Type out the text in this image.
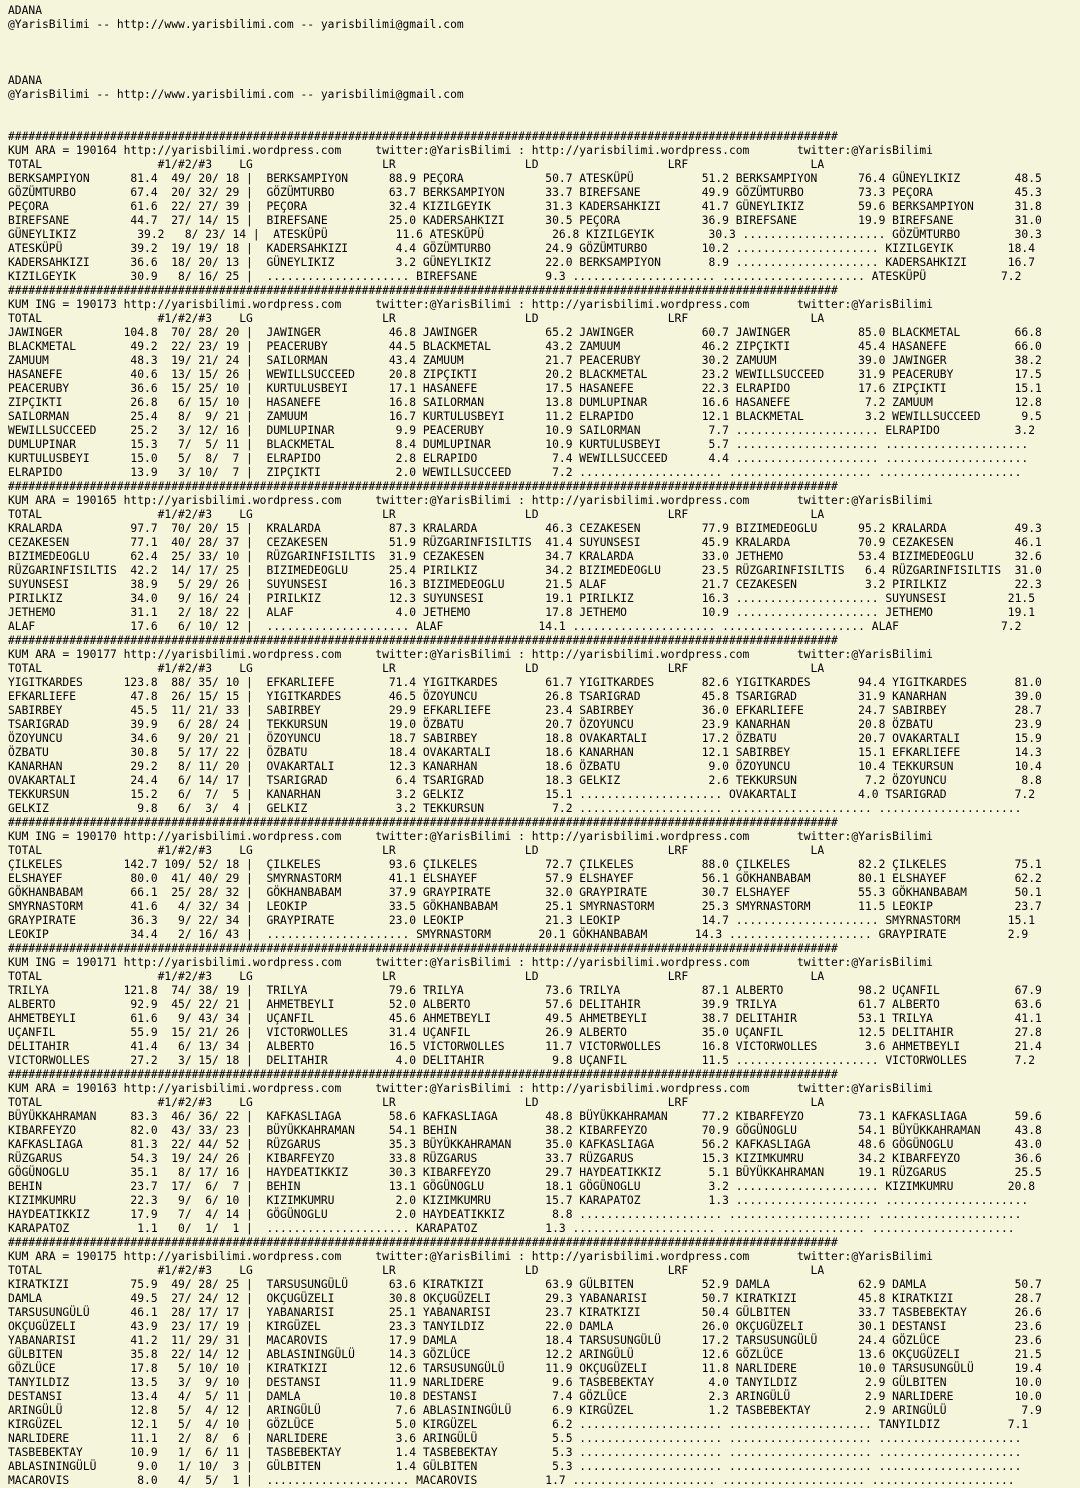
ADANA
@YarisBilimi -- http://www.yarisbilimi.com -- yarisbilimi@gmail.com

ADANA
@YarisBilimi -- http://www.yarisbilimi.com -- yarisbilimi@gmail.com

##########################################################################################################################
KUM ARA = 190164 http://yarisbilimi.wordpress.com     twitter:@YarisBilimi : http://yarisbilimi.wordpress.com       twitter:@YarisBilimi
TOTAL                 #1/#2/#3    LG                   LR                   LD                   LRF                  LA
BERKSAMPIYON      81.4  49/ 20/ 18 |  BERKSAMPIYON      88.9 PEÇORA            50.7 ATESKÜPÜ          51.2 BERKSAMPIYON      76.4 GÜNEYLIKIZ        48.5
GÖZÜMTURBO        67.4  20/ 32/ 29 |  GÖZÜMTURBO        63.7 BERKSAMPIYON      33.7 BIREFSANE         49.9 GÖZÜMTURBO        73.3 PEÇORA            45.3
PEÇORA            61.6  22/ 27/ 39 |  PEÇORA            32.4 KIZILGEYIK        31.3 KADERSAHKIZI      41.7 GÜNEYLIKIZ        59.6 BERKSAMPIYON      31.8
BIREFSANE         44.7  27/ 14/ 15 |  BIREFSANE         25.0 KADERSAHKIZI      30.5 PEÇORA            36.9 BIREFSANE         19.9 BIREFSANE         31.0
GÜNEYLIKIZ         39.2   8/ 23/ 14 |  ATESKÜPÜ          11.6 ATESKÜPÜ          26.8 KIZILGEYIK        30.3 ..................... GÖZÜMTURBO        30.3
ATESKÜPÜ          39.2  19/ 19/ 18 |  KADERSAHKIZI       4.4 GÖZÜMTURBO        24.9 GÖZÜMTURBO        10.2 ..................... KIZILGEYIK        18.4
KADERSAHKIZI      36.6  18/ 20/ 13 |  GÜNEYLIKIZ         3.2 GÜNEYLIKIZ        22.0 BERKSAMPIYON       8.9 ..................... KADERSAHKIZI      16.7
KIZILGEYIK        30.9   8/ 16/ 25 |  ..................... BIREFSANE          9.3 ..................... ..................... ATESKÜPÜ           7.2
##########################################################################################################################
KUM ING = 190173 http://yarisbilimi.wordpress.com     twitter:@YarisBilimi : http://yarisbilimi.wordpress.com       twitter:@YarisBilimi
TOTAL                 #1/#2/#3    LG                   LR                   LD                   LRF                  LA
JAWINGER         104.8  70/ 28/ 20 |  JAWINGER          46.8 JAWINGER          65.2 JAWINGER          60.7 JAWINGER          85.0 BLACKMETAL        66.8
BLACKMETAL        49.2  22/ 23/ 19 |  PEACERUBY         44.5 BLACKMETAL        43.2 ZAMUUM            46.2 ZIPÇIKTI          45.4 HASANEFE          66.0
ZAMUUM            48.3  19/ 21/ 24 |  SAILORMAN         43.4 ZAMUUM            21.7 PEACERUBY         30.2 ZAMUUM            39.0 JAWINGER          38.2
HASANEFE          40.6  13/ 15/ 26 |  WEWILLSUCCEED     20.8 ZIPÇIKTI          20.2 BLACKMETAL        23.2 WEWILLSUCCEED     31.9 PEACERUBY         17.5
PEACERUBY         36.6  15/ 25/ 10 |  KURTULUSBEYI      17.1 HASANEFE          17.5 HASANEFE          22.3 ELRAPIDO          17.6 ZIPÇIKTI          15.1
ZIPÇIKTI          26.8   6/ 15/ 10 |  HASANEFE          16.8 SAILORMAN         13.8 DUMLUPINAR        16.6 HASANEFE           7.2 ZAMUUM            12.8
SAILORMAN         25.4   8/  9/ 21 |  ZAMUUM            16.7 KURTULUSBEYI      11.2 ELRAPIDO          12.1 BLACKMETAL         3.2 WEWILLSUCCEED      9.5
WEWILLSUCCEED     25.2   3/ 12/ 16 |  DUMLUPINAR         9.9 PEACERUBY         10.9 SAILORMAN          7.7 ..................... ELRAPIDO           3.2
DUMLUPINAR        15.3   7/  5/ 11 |  BLACKMETAL         8.4 DUMLUPINAR        10.9 KURTULUSBEYI       5.7 ..................... .....................
KURTULUSBEYI      15.0   5/  8/  7 |  ELRAPIDO           2.8 ELRAPIDO           7.4 WEWILLSUCCEED      4.4 ..................... .....................
ELRAPIDO          13.9   3/ 10/  7 |  ZIPÇIKTI           2.0 WEWILLSUCCEED      7.2 ..................... ..................... .....................
##########################################################################################################################
KUM ARA = 190165 http://yarisbilimi.wordpress.com     twitter:@YarisBilimi : http://yarisbilimi.wordpress.com       twitter:@YarisBilimi
TOTAL                 #1/#2/#3    LG                   LR                   LD                   LRF                  LA
KRALARDA          97.7  70/ 20/ 15 |  KRALARDA          87.3 KRALARDA          46.3 CEZAKESEN         77.9 BIZIMEDEOGLU      95.2 KRALARDA          49.3
CEZAKESEN         77.1  40/ 28/ 37 |  CEZAKESEN         51.9 RÜZGARINFISILTIS  41.4 SUYUNSESI         45.9 KRALARDA          70.9 CEZAKESEN         46.1
BIZIMEDEOGLU      62.4  25/ 33/ 10 |  RÜZGARINFISILTIS  31.9 CEZAKESEN         34.7 KRALARDA          33.0 JETHEMO           53.4 BIZIMEDEOGLU      32.6
RÜZGARINFISILTIS  42.2  14/ 17/ 25 |  BIZIMEDEOGLU      25.4 PIRILKIZ          34.2 BIZIMEDEOGLU      23.5 RÜZGARINFISILTIS   6.4 RÜZGARINFISILTIS  31.0
SUYUNSESI         38.9   5/ 29/ 26 |  SUYUNSESI         16.3 BIZIMEDEOGLU      21.5 ALAF              21.7 CEZAKESEN          3.2 PIRILKIZ          22.3
PIRILKIZ          34.0   9/ 16/ 24 |  PIRILKIZ          12.3 SUYUNSESI         19.1 PIRILKIZ          16.3 ..................... SUYUNSESI         21.5
JETHEMO           31.1   2/ 18/ 22 |  ALAF               4.0 JETHEMO           17.8 JETHEMO           10.9 ..................... JETHEMO           19.1
ALAF              17.6   6/ 10/ 12 |  ..................... ALAF              14.1 ..................... ..................... ALAF               7.2
##########################################################################################################################
KUM ARA = 190177 http://yarisbilimi.wordpress.com     twitter:@YarisBilimi : http://yarisbilimi.wordpress.com       twitter:@YarisBilimi
TOTAL                 #1/#2/#3    LG                   LR                   LD                   LRF                  LA
YIGITKARDES      123.8  88/ 35/ 10 |  EFKARLIEFE        71.4 YIGITKARDES       61.7 YIGITKARDES       82.6 YIGITKARDES       94.4 YIGITKARDES       81.0
EFKARLIEFE        47.8  26/ 15/ 15 |  YIGITKARDES       46.5 ÖZOYUNCU          26.8 TSARIGRAD         45.8 TSARIGRAD         31.9 KANARHAN          39.0
SABIRBEY          45.5  11/ 21/ 33 |  SABIRBEY          29.9 EFKARLIEFE        23.4 SABIRBEY          36.0 EFKARLIEFE        24.7 SABIRBEY          28.7
TSARIGRAD         39.9   6/ 28/ 24 |  TEKKURSUN         19.0 ÖZBATU            20.7 ÖZOYUNCU          23.9 KANARHAN          20.8 ÖZBATU            23.9
ÖZOYUNCU          34.6   9/ 20/ 21 |  ÖZOYUNCU          18.7 SABIRBEY          18.8 OVAKARTALI        17.2 ÖZBATU            20.7 OVAKARTALI        15.9
ÖZBATU            30.8   5/ 17/ 22 |  ÖZBATU            18.4 OVAKARTALI        18.6 KANARHAN          12.1 SABIRBEY          15.1 EFKARLIEFE        14.3
KANARHAN          29.2   8/ 11/ 20 |  OVAKARTALI        12.3 KANARHAN          18.6 ÖZBATU             9.0 ÖZOYUNCU          10.4 TEKKURSUN         10.4
OVAKARTALI        24.4   6/ 14/ 17 |  TSARIGRAD          6.4 TSARIGRAD         18.3 GELKIZ             2.6 TEKKURSUN          7.2 ÖZOYUNCU           8.8
TEKKURSUN         15.2   6/  7/  5 |  KANARHAN           3.2 GELKIZ            15.1 ..................... OVAKARTALI         4.0 TSARIGRAD          7.2
GELKIZ             9.8   6/  3/  4 |  GELKIZ             3.2 TEKKURSUN          7.2 ..................... ..................... .....................
##########################################################################################################################
KUM ING = 190170 http://yarisbilimi.wordpress.com     twitter:@YarisBilimi : http://yarisbilimi.wordpress.com       twitter:@YarisBilimi
TOTAL                 #1/#2/#3    LG                   LR                   LD                   LRF                  LA
ÇILKELES         142.7 109/ 52/ 18 |  ÇILKELES          93.6 ÇILKELES          72.7 ÇILKELES          88.0 ÇILKELES          82.2 ÇILKELES          75.1
ELSHAYEF          80.0  41/ 40/ 29 |  SMYRNASTORM       41.1 ELSHAYEF          57.9 ELSHAYEF          56.1 GÖKHANBABAM       80.1 ELSHAYEF          62.2
GÖKHANBABAM       66.1  25/ 28/ 32 |  GÖKHANBABAM       37.9 GRAYPIRATE        32.0 GRAYPIRATE        30.7 ELSHAYEF          55.3 GÖKHANBABAM       50.1
SMYRNASTORM       41.6   4/ 32/ 34 |  LEOKIP            33.5 GÖKHANBABAM       25.1 SMYRNASTORM       25.3 SMYRNASTORM       11.5 LEOKIP            23.7
GRAYPIRATE        36.3   9/ 22/ 34 |  GRAYPIRATE        23.0 LEOKIP            21.3 LEOKIP            14.7 ..................... SMYRNASTORM       15.1
LEOKIP            34.4   2/ 16/ 43 |  ..................... SMYRNASTORM       20.1 GÖKHANBABAM       14.3 ..................... GRAYPIRATE         2.9
##########################################################################################################################
KUM ING = 190171 http://yarisbilimi.wordpress.com     twitter:@YarisBilimi : http://yarisbilimi.wordpress.com       twitter:@YarisBilimi
TOTAL                 #1/#2/#3    LG                   LR                   LD                   LRF                  LA
TRILYA           121.8  74/ 38/ 19 |  TRILYA            79.6 TRILYA            73.6 TRILYA            87.1 ALBERTO           98.2 UÇANFIL           67.9
ALBERTO           92.9  45/ 22/ 21 |  AHMETBEYLI        52.0 ALBERTO           57.6 DELITAHIR         39.9 TRILYA            61.7 ALBERTO           63.6
AHMETBEYLI        61.6   9/ 43/ 34 |  UÇANFIL           45.6 AHMETBEYLI        49.5 AHMETBEYLI        38.7 DELITAHIR         53.1 TRILYA            41.1
UÇANFIL           55.9  15/ 21/ 26 |  VICTORWOLLES      31.4 UÇANFIL           26.9 ALBERTO           35.0 UÇANFIL           12.5 DELITAHIR         27.8
DELITAHIR         41.4   6/ 13/ 34 |  ALBERTO           16.5 VICTORWOLLES      11.7 VICTORWOLLES      16.8 VICTORWOLLES       3.6 AHMETBEYLI        21.4
VICTORWOLLES      27.2   3/ 15/ 18 |  DELITAHIR          4.0 DELITAHIR          9.8 UÇANFIL           11.5 ..................... VICTORWOLLES       7.2
##########################################################################################################################
KUM ARA = 190163 http://yarisbilimi.wordpress.com     twitter:@YarisBilimi : http://yarisbilimi.wordpress.com       twitter:@YarisBilimi
TOTAL                 #1/#2/#3    LG                   LR                   LD                   LRF                  LA
BÜYÜKKAHRAMAN     83.3  46/ 36/ 22 |  KAFKASLIAGA       58.6 KAFKASLIAGA       48.8 BÜYÜKKAHRAMAN     77.2 KIBARFEYZO        73.1 KAFKASLIAGA       59.6
KIBARFEYZO        82.0  43/ 33/ 23 |  BÜYÜKKAHRAMAN     54.1 BEHIN             38.2 KIBARFEYZO        70.9 GÖGÜNOGLU         54.1 BÜYÜKKAHRAMAN     43.8
KAFKASLIAGA       81.3  22/ 44/ 52 |  RÜZGARUS          35.3 BÜYÜKKAHRAMAN     35.0 KAFKASLIAGA       56.2 KAFKASLIAGA       48.6 GÖGÜNOGLU         43.0
RÜZGARUS          54.3  19/ 24/ 26 |  KIBARFEYZO        33.8 RÜZGARUS          33.7 RÜZGARUS          15.3 KIZIMKUMRU        34.2 KIBARFEYZO        36.6
GÖGÜNOGLU         35.1   8/ 17/ 16 |  HAYDEATIKKIZ      30.3 KIBARFEYZO        29.7 HAYDEATIKKIZ       5.1 BÜYÜKKAHRAMAN     19.1 RÜZGARUS          25.5
BEHIN             23.7  17/  6/  7 |  BEHIN             13.1 GÖGÜNOGLU         18.1 GÖGÜNOGLU          3.2 ..................... KIZIMKUMRU        20.8
KIZIMKUMRU        22.3   9/  6/ 10 |  KIZIMKUMRU         2.0 KIZIMKUMRU        15.7 KARAPATOZ          1.3 ..................... .....................
HAYDEATIKKIZ      17.9   7/  4/ 14 |  GÖGÜNOGLU          2.0 HAYDEATIKKIZ       8.8 ..................... ..................... .....................
KARAPATOZ          1.1   0/  1/  1 |  ..................... KARAPATOZ          1.3 ..................... ..................... .....................
##########################################################################################################################
KUM ARA = 190175 http://yarisbilimi.wordpress.com     twitter:@YarisBilimi : http://yarisbilimi.wordpress.com       twitter:@YarisBilimi
TOTAL                 #1/#2/#3    LG                   LR                   LD                   LRF                  LA
KIRATKIZI         75.9  49/ 28/ 25 |  TARSUSUNGÜLÜ      63.6 KIRATKIZI         63.9 GÜLBITEN          52.9 DAMLA             62.9 DAMLA             50.7
DAMLA             49.5  27/ 24/ 12 |  OKÇUGÜZELI        30.8 OKÇUGÜZELI        29.3 YABANARISI        50.7 KIRATKIZI         45.8 KIRATKIZI         28.7
TARSUSUNGÜLÜ      46.1  28/ 17/ 17 |  YABANARISI        25.1 YABANARISI        23.7 KIRATKIZI         50.4 GÜLBITEN          33.7 TASBEBEKTAY       26.6
OKÇUGÜZELI        43.9  23/ 17/ 19 |  KIRGÜZEL          23.3 TANYILDIZ         22.0 DAMLA             26.0 OKÇUGÜZELI        30.1 DESTANSI          23.6
YABANARISI        41.2  11/ 29/ 31 |  MACAROVIS         17.9 DAMLA             18.4 TARSUSUNGÜLÜ      17.2 TARSUSUNGÜLÜ      24.4 GÖZLÜCE           23.6
GÜLBITEN          35.8  22/ 14/ 12 |  ABLASININGÜLÜ     14.3 GÖZLÜCE           12.2 ARINGÜLÜ          12.6 GÖZLÜCE           13.6 OKÇUGÜZELI        21.5
GÖZLÜCE           17.8   5/ 10/ 10 |  KIRATKIZI         12.6 TARSUSUNGÜLÜ      11.9 OKÇUGÜZELI        11.8 NARLIDERE         10.0 TARSUSUNGÜLÜ      19.4
TANYILDIZ         13.5   3/  9/ 10 |  DESTANSI          11.9 NARLIDERE          9.6 TASBEBEKTAY        4.0 TANYILDIZ          2.9 GÜLBITEN          10.0
DESTANSI          13.4   4/  5/ 11 |  DAMLA             10.8 DESTANSI           7.4 GÖZLÜCE            2.3 ARINGÜLÜ           2.9 NARLIDERE         10.0
ARINGÜLÜ          12.8   5/  4/ 12 |  ARINGÜLÜ           7.6 ABLASININGÜLÜ      6.9 KIRGÜZEL           1.2 TASBEBEKTAY        2.9 ARINGÜLÜ           7.9
KIRGÜZEL          12.1   5/  4/ 10 |  GÖZLÜCE            5.0 KIRGÜZEL           6.2 ..................... ..................... TANYILDIZ          7.1
NARLIDERE         11.1   2/  8/  6 |  NARLIDERE          3.6 ARINGÜLÜ           5.5 ..................... ..................... .....................
TASBEBEKTAY       10.9   1/  6/ 11 |  TASBEBEKTAY        1.4 TASBEBEKTAY        5.3 ..................... ..................... .....................
ABLASININGÜLÜ      9.0   1/ 10/  3 |  GÜLBITEN           1.4 GÜLBITEN           5.3 ..................... ..................... .....................
MACAROVIS          8.0   4/  5/  1 |  ..................... MACAROVIS          1.7 ..................... ..................... .....................
